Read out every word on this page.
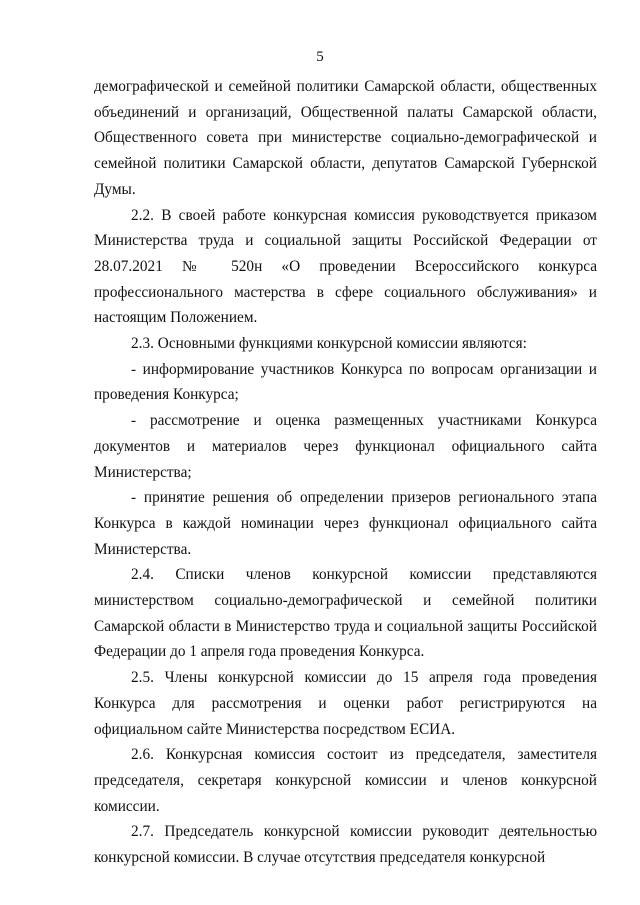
5

демографической и семейной политики Самарской области, общественных объединений и организаций, Общественной палаты Самарской области, Общественного совета при министерстве социально-демографической и семейной политики Самарской области, депутатов Самарской Губернской Думы.

2.2. В своей работе конкурсная комиссия руководствуется приказом Министерства труда и социальной защиты Российской Федерации от 28.07.2021 № 520н «О проведении Всероссийского конкурса профессионального мастерства в сфере социального обслуживания» и настоящим Положением.

2.3. Основными функциями конкурсной комиссии являются:

- информирование участников Конкурса по вопросам организации и проведения Конкурса;

- рассмотрение и оценка размещенных участниками Конкурса документов и материалов через функционал официального сайта Министерства;

- принятие решения об определении призеров регионального этапа Конкурса в каждой номинации через функционал официального сайта Министерства.

2.4. Списки членов конкурсной комиссии представляются министерством социально-демографической и семейной политики Самарской области в Министерство труда и социальной защиты Российской Федерации до 1 апреля года проведения Конкурса.

2.5. Члены конкурсной комиссии до 15 апреля года проведения Конкурса для рассмотрения и оценки работ регистрируются на официальном сайте Министерства посредством ЕСИА.

2.6. Конкурсная комиссия состоит из председателя, заместителя председателя, секретаря конкурсной комиссии и членов конкурсной комиссии.

2.7. Председатель конкурсной комиссии руководит деятельностью конкурсной комиссии. В случае отсутствия председателя конкурсной
